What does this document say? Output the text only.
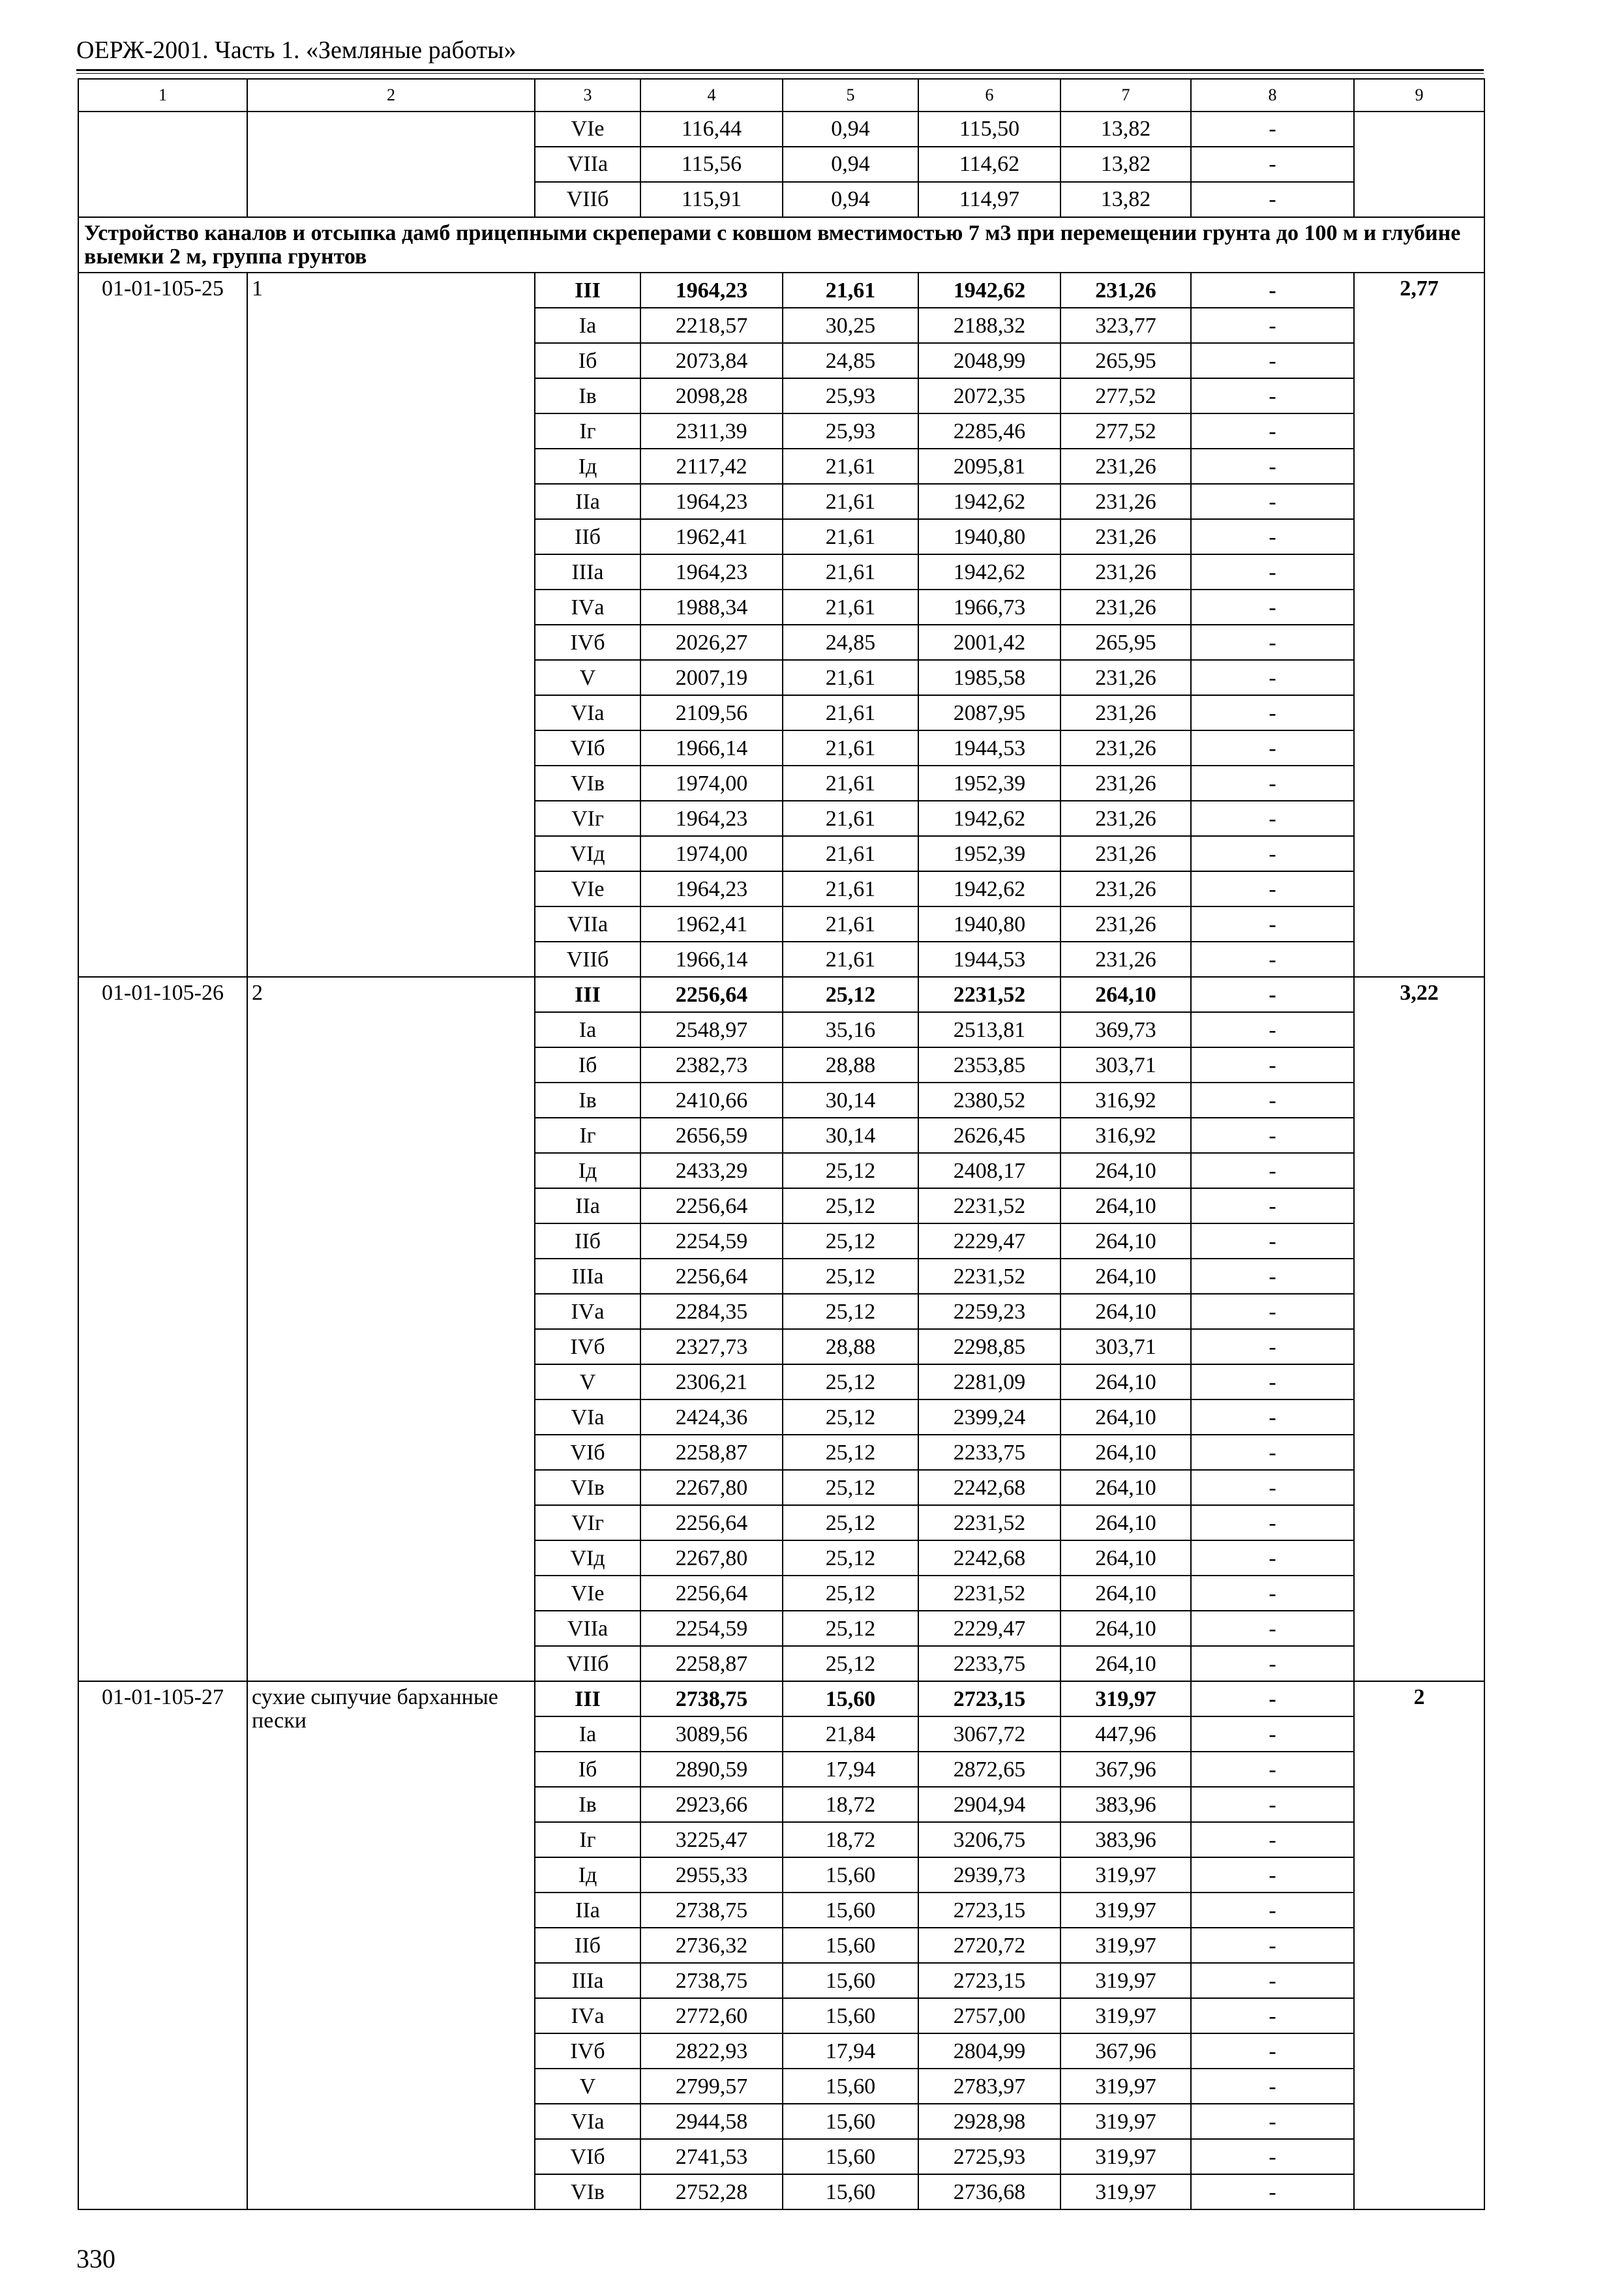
ОЕРЖ-2001. Часть 1. «Земляные работы»
1	2	3	4	5	6	7	8	9
		VIе	116,44	0,94	115,50	13,82	-	
		VIIа	115,56	0,94	114,62	13,82	-	
		VIIб	115,91	0,94	114,97	13,82	-	
Устройство каналов и отсыпка дамб прицепными скреперами с ковшом вместимостью 7 м3 при перемещении грунта до 100 м и глубине выемки 2 м, группа грунтов								
01-01-105-25	1	III	1964,23	21,61	1942,62	231,26	-	2,77
		Iа	2218,57	30,25	2188,32	323,77	-	
		Iб	2073,84	24,85	2048,99	265,95	-	
		Iв	2098,28	25,93	2072,35	277,52	-	
		Iг	2311,39	25,93	2285,46	277,52	-	
		Iд	2117,42	21,61	2095,81	231,26	-	
		IIа	1964,23	21,61	1942,62	231,26	-	
		IIб	1962,41	21,61	1940,80	231,26	-	
		IIIа	1964,23	21,61	1942,62	231,26	-	
		IVа	1988,34	21,61	1966,73	231,26	-	
		IVб	2026,27	24,85	2001,42	265,95	-	
		V	2007,19	21,61	1985,58	231,26	-	
		VIа	2109,56	21,61	2087,95	231,26	-	
		VIб	1966,14	21,61	1944,53	231,26	-	
		VIв	1974,00	21,61	1952,39	231,26	-	
		VIг	1964,23	21,61	1942,62	231,26	-	
		VIд	1974,00	21,61	1952,39	231,26	-	
		VIе	1964,23	21,61	1942,62	231,26	-	
		VIIа	1962,41	21,61	1940,80	231,26	-	
		VIIб	1966,14	21,61	1944,53	231,26	-	
01-01-105-26	2	III	2256,64	25,12	2231,52	264,10	-	3,22
		Iа	2548,97	35,16	2513,81	369,73	-	
		Iб	2382,73	28,88	2353,85	303,71	-	
		Iв	2410,66	30,14	2380,52	316,92	-	
		Iг	2656,59	30,14	2626,45	316,92	-	
		Iд	2433,29	25,12	2408,17	264,10	-	
		IIа	2256,64	25,12	2231,52	264,10	-	
		IIб	2254,59	25,12	2229,47	264,10	-	
		IIIа	2256,64	25,12	2231,52	264,10	-	
		IVа	2284,35	25,12	2259,23	264,10	-	
		IVб	2327,73	28,88	2298,85	303,71	-	
		V	2306,21	25,12	2281,09	264,10	-	
		VIа	2424,36	25,12	2399,24	264,10	-	
		VIб	2258,87	25,12	2233,75	264,10	-	
		VIв	2267,80	25,12	2242,68	264,10	-	
		VIг	2256,64	25,12	2231,52	264,10	-	
		VIд	2267,80	25,12	2242,68	264,10	-	
		VIе	2256,64	25,12	2231,52	264,10	-	
		VIIа	2254,59	25,12	2229,47	264,10	-	
		VIIб	2258,87	25,12	2233,75	264,10	-	
01-01-105-27	сухие сыпучие барханные пески	III	2738,75	15,60	2723,15	319,97	-	2
		Iа	3089,56	21,84	3067,72	447,96	-	
		Iб	2890,59	17,94	2872,65	367,96	-	
		Iв	2923,66	18,72	2904,94	383,96	-	
		Iг	3225,47	18,72	3206,75	383,96	-	
		Iд	2955,33	15,60	2939,73	319,97	-	
		IIа	2738,75	15,60	2723,15	319,97	-	
		IIб	2736,32	15,60	2720,72	319,97	-	
		IIIа	2738,75	15,60	2723,15	319,97	-	
		IVа	2772,60	15,60	2757,00	319,97	-	
		IVб	2822,93	17,94	2804,99	367,96	-	
		V	2799,57	15,60	2783,97	319,97	-	
		VIа	2944,58	15,60	2928,98	319,97	-	
		VIб	2741,53	15,60	2725,93	319,97	-	
		VIв	2752,28	15,60	2736,68	319,97	-	
330
